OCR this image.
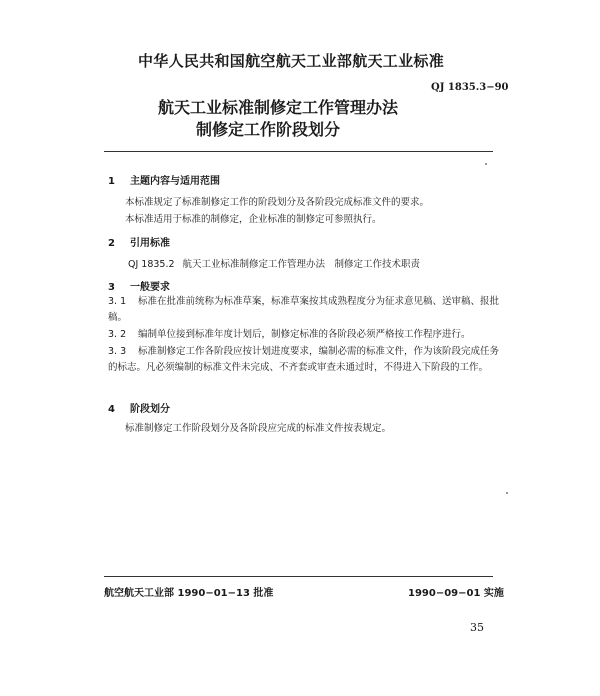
中华人民共和国航空航天工业部航天工业标准
QJ 1835.3−90
航天工业标准制修定工作管理办法
制修定工作阶段划分
1 主题内容与适用范围
本标准规定了标准制修定工作的阶段划分及各阶段完成标准文件的要求。
本标准适用于标准的制修定，企业标准的制修定可参照执行。
2 引用标准
QJ 1835.2 航天工业标准制修定工作管理办法　制修定工作技术职责
3 一般要求
3. 1 标准在批准前统称为标准草案，标准草案按其成熟程度分为征求意见稿、送审稿、报批稿。
3. 2 编制单位接到标准年度计划后，制修定标准的各阶段必须严格按工作程序进行。
3. 3 标准制修定工作各阶段应按计划进度要求，编制必需的标准文件，作为该阶段完成任务的标志。凡必须编制的标准文件未完成、不齐套或审查未通过时，不得进入下阶段的工作。
4 阶段划分
标准制修定工作阶段划分及各阶段应完成的标准文件按表规定。
航空航天工业部 1990−01−13 批准	1990−09−01 实施
35
